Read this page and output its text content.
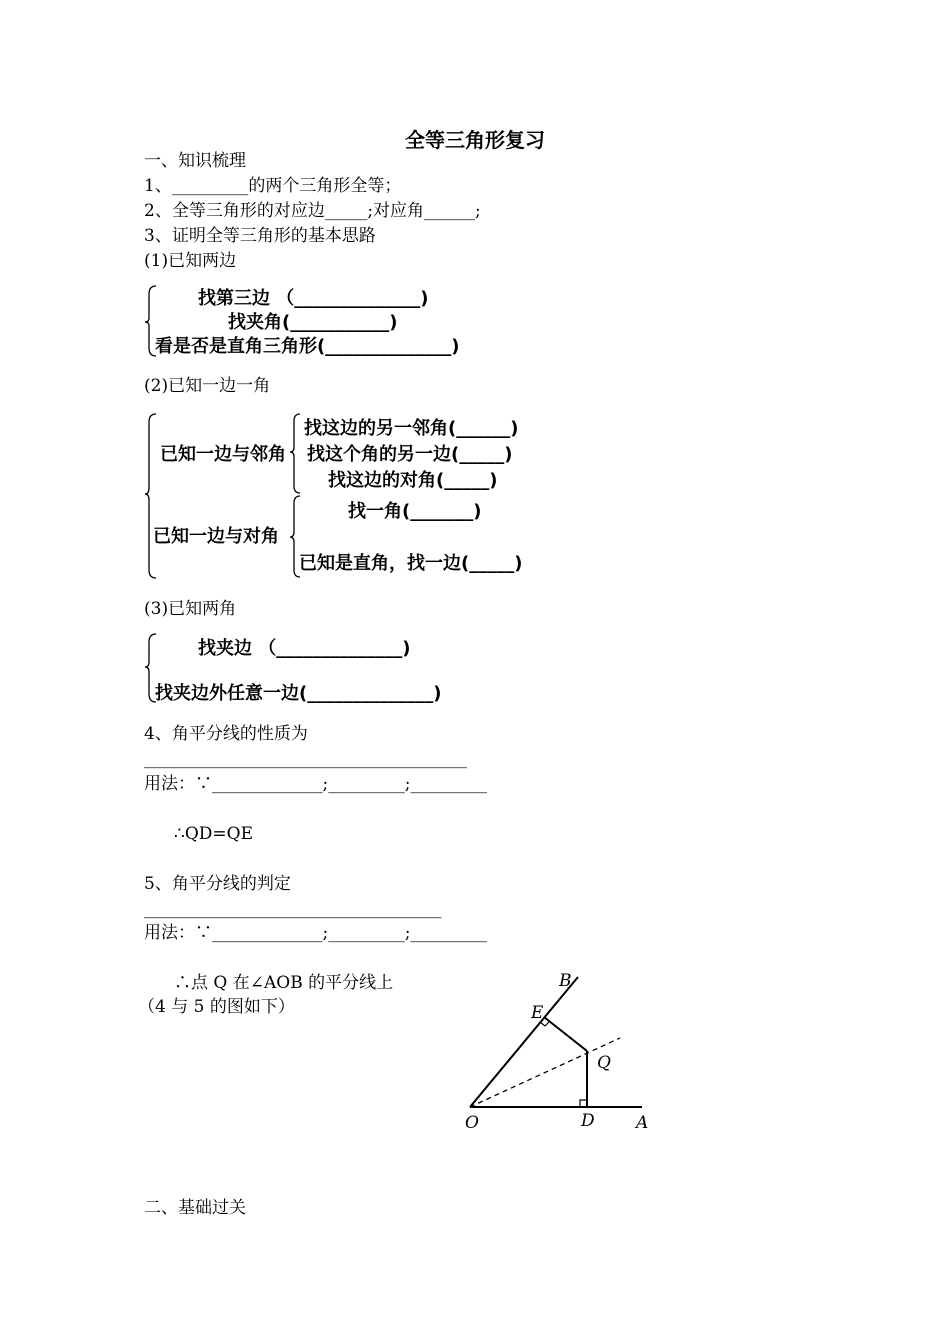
全等三角形复习
一、知识梳理
1、_________的两个三角形全等；
2、全等三角形的对应边_____;对应角______;
3、证明全等三角形的基本思路
(1)已知两边
找第三边 （______________)
找夹角(___________)
看是否是直角三角形(______________)
(2)已知一边一角
已知一边与邻角
找这边的另一邻角(______)
找这个角的另一边(_____)
找这边的对角(_____)
已知一边与对角
找一角(_______)
已知是直角，找一边(_____)
(3)已知两角
找夹边 （______________)
找夹边外任意一边(______________)
4、角平分线的性质为
______________________________________
用法：∵_____________;_________;_________
∴QD=QE
5、角平分线的判定
___________________________________
用法：∵_____________;_________;_________
∴点 Q 在∠AOB 的平分线上
（4 与 5 的图如下）
二、基础过关
B
E
Q
O	D A
